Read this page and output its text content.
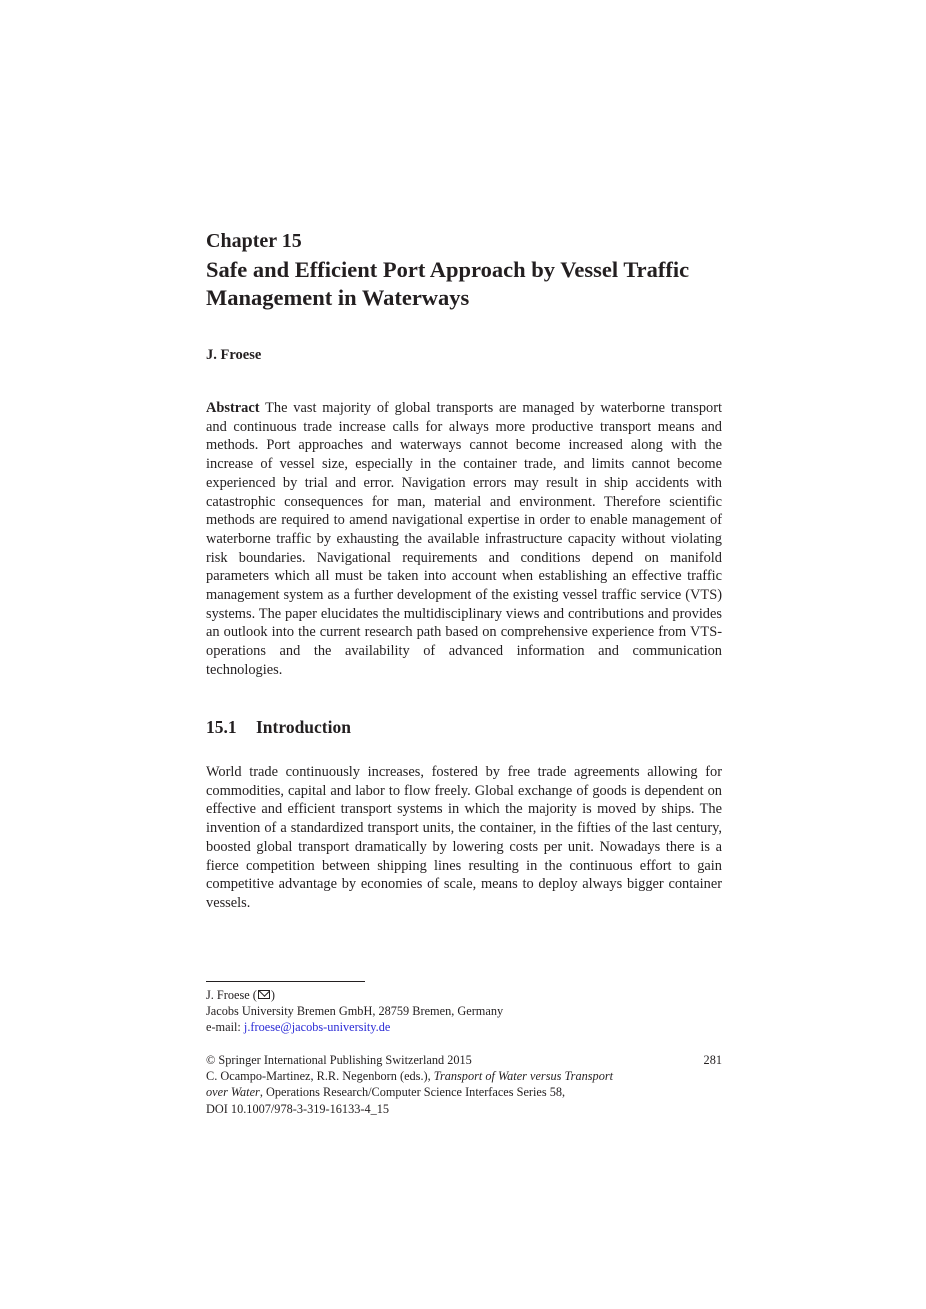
Chapter 15
Safe and Efficient Port Approach by Vessel Traffic Management in Waterways
J. Froese

Abstract The vast majority of global transports are managed by waterborne transport and continuous trade increase calls for always more productive transport means and methods. Port approaches and waterways cannot become increased along with the increase of vessel size, especially in the container trade, and limits cannot become experienced by trial and error. Navigation errors may result in ship accidents with catastrophic consequences for man, material and environment. Therefore scientific methods are required to amend navigational expertise in order to enable management of waterborne traffic by exhausting the available infrastructure capacity without violating risk boundaries. Navigational requirements and conditions depend on manifold parameters which all must be taken into account when establishing an effective traffic management system as a further development of the existing vessel traffic service (VTS) systems. The paper elucidates the multidisciplinary views and contributions and provides an outlook into the current research path based on comprehensive experience from VTS-operations and the availability of advanced information and communication technologies.

15.1 Introduction

World trade continuously increases, fostered by free trade agreements allowing for commodities, capital and labor to flow freely. Global exchange of goods is dependent on effective and efficient transport systems in which the majority is moved by ships. The invention of a standardized transport units, the container, in the fifties of the last century, boosted global transport dramatically by lowering costs per unit. Nowadays there is a fierce competition between shipping lines resulting in the continuous effort to gain competitive advantage by economies of scale, means to deploy always bigger container vessels.

J. Froese ( )
Jacobs University Bremen GmbH, 28759 Bremen, Germany
e-mail: j.froese@jacobs-university.de
© Springer International Publishing Switzerland 2015	281
C. Ocampo-Martinez, R.R. Negenborn (eds.), Transport of Water versus Transport
over Water, Operations Research/Computer Science Interfaces Series 58,
DOI 10.1007/978-3-319-16133-4_15
